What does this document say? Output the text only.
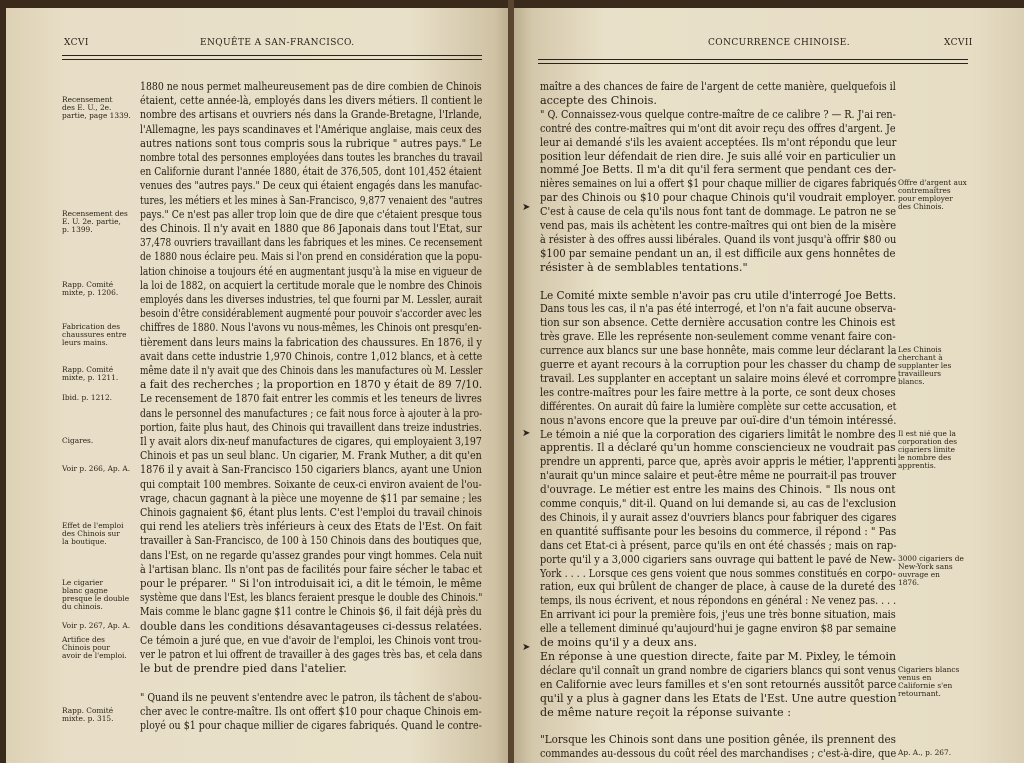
XCVI	ENQUÊTE A SAN-FRANCISCO.	CONCURRENCE CHINOISE.	XCVII
➤
➤
➤
1880 ne nous permet malheureusement pas de dire combien de Chinois
étaient, cette année-là, employés dans les divers métiers. Il contient le
nombre des artisans et ouvriers nés dans la Grande-Bretagne, l'Irlande,
l'Allemagne, les pays scandinaves et l'Amérique anglaise, mais ceux des
autres nations sont tous compris sous la rubrique " autres pays." Le
nombre total des personnes employées dans toutes les branches du travail
en Californie durant l'année 1880, était de 376,505, dont 101,452 étaient
venues des "autres pays." De ceux qui étaient engagés dans les manufac-
tures, les métiers et les mines à San-Francisco, 9,877 venaient des "autres
pays." Ce n'est pas aller trop loin que de dire que c'étaient presque tous
des Chinois. Il n'y avait en 1880 que 86 Japonais dans tout l'Etat, sur
37,478 ouvriers travaillant dans les fabriques et les mines. Ce recensement
de 1880 nous éclaire peu. Mais si l'on prend en considération que la popu-
lation chinoise a toujours été en augmentant jusqu'à la mise en vigueur de
la loi de 1882, on acquiert la certitude morale que le nombre des Chinois
employés dans les diverses industries, tel que fourni par M. Lessler, aurait
besoin d'être considérablement augmenté pour pouvoir s'accorder avec les
chiffres de 1880. Nous l'avons vu nous-mêmes, les Chinois ont presqu'en-
tièrement dans leurs mains la fabrication des chaussures. En 1876, il y
avait dans cette industrie 1,970 Chinois, contre 1,012 blancs, et à cette
même date il n'y avait que des Chinois dans les manufactures où M. Lessler
a fait des recherches ; la proportion en 1870 y était de 89 7/10.
Le recensement de 1870 fait entrer les commis et les teneurs de livres
dans le personnel des manufactures ; ce fait nous force à ajouter à la pro-
portion, faite plus haut, des Chinois qui travaillent dans treize industries.
Il y avait alors dix-neuf manufactures de cigares, qui employaient 3,197
Chinois et pas un seul blanc. Un cigarier, M. Frank Muther, a dit qu'en
1876 il y avait à San-Francisco 150 cigariers blancs, ayant une Union
qui comptait 100 membres. Soixante de ceux-ci environ avaient de l'ou-
vrage, chacun gagnant à la pièce une moyenne de $11 par semaine ; les
Chinois gagnaient $6, étant plus lents. C'est l'emploi du travail chinois
qui rend les ateliers très inférieurs à ceux des Etats de l'Est. On fait
travailler à San-Francisco, de 100 à 150 Chinois dans des boutiques que,
dans l'Est, on ne regarde qu'assez grandes pour vingt hommes. Cela nuit
à l'artisan blanc. Ils n'ont pas de facilités pour faire sécher le tabac et
pour le préparer. " Si l'on introduisait ici, a dit le témoin, le même
système que dans l'Est, les blancs feraient presque le double des Chinois."
Mais comme le blanc gagne $11 contre le Chinois $6, il fait déjà près du
double dans les conditions désavantageuses ci-dessus relatées.
Ce témoin a juré que, en vue d'avoir de l'emploi, les Chinois vont trou-
ver le patron et lui offrent de travailler à des gages très bas, et cela dans
le but de prendre pied dans l'atelier.
" Quand ils ne peuvent s'entendre avec le patron, ils tâchent de s'abou-
cher avec le contre-maître. Ils ont offert $10 pour chaque Chinois em-
ployé ou $1 pour chaque millier de cigares fabriqués. Quand le contre-
Recensement
des E. U., 2e.
partie, page 1339.
Recensement des
E. U. 2e. partie,
p. 1399.
Rapp. Comité
mixte, p. 1206.
Fabrication des
chaussures entre
leurs mains.
Rapp. Comité
mixte, p. 1211.
Ibid. p. 1212.
Cigares.
Voir p. 266, Ap. A.
Effet de l'emploi
des Chinois sur
la boutique.
Le cigarier
blanc gagne
presque le double
du chinois.
Voir p. 267, Ap. A.
Artifice des
Chinois pour
avoir de l'emploi.
Rapp. Comité
mixte. p. 315.
maître a des chances de faire de l'argent de cette manière, quelquefois il
accepte des Chinois.
" Q. Connaissez-vous quelque contre-maître de ce calibre ? — R. J'ai ren-
contré des contre-maîtres qui m'ont dit avoir reçu des offres d'argent. Je
leur ai demandé s'ils les avaient acceptées. Ils m'ont répondu que leur
position leur défendait de rien dire. Je suis allé voir en particulier un
nommé Joe Betts. Il m'a dit qu'il fera serment que pendant ces der-
nières semaines on lui a offert $1 pour chaque millier de cigares fabriqués
par des Chinois ou $10 pour chaque Chinois qu'il voudrait employer.
C'est à cause de cela qu'ils nous font tant de dommage. Le patron ne se
vend pas, mais ils achètent les contre-maîtres qui ont bien de la misère
à résister à des offres aussi libérales. Quand ils vont jusqu'à offrir $80 ou
$100 par semaine pendant un an, il est difficile aux gens honnêtes de
résister à de semblables tentations."
Le Comité mixte semble n'avoir pas cru utile d'interrogé Joe Betts.
Dans tous les cas, il n'a pas été interrogé, et l'on n'a fait aucune observa-
tion sur son absence. Cette dernière accusation contre les Chinois est
très grave. Elle les représente non-seulement comme venant faire con-
currence aux blancs sur une base honnête, mais comme leur déclarant la
guerre et ayant recours à la corruption pour les chasser du champ de
travail. Les supplanter en acceptant un salaire moins élevé et corrompre
les contre-maîtres pour les faire mettre à la porte, ce sont deux choses
différentes. On aurait dû faire la lumière complète sur cette accusation, et
nous n'avons encore que la preuve par ouï-dire d'un témoin intéressé.
Le témoin a nié que la corporation des cigariers limitât le nombre des
apprentis. Il a déclaré qu'un homme consciencieux ne voudrait pas
prendre un apprenti, parce que, après avoir appris le métier, l'apprenti
n'aurait qu'un mince salaire et peut-être même ne pourrait-il pas trouver
d'ouvrage. Le métier est entre les mains des Chinois. " Ils nous ont
comme conquis," dit-il. Quand on lui demande si, au cas de l'exclusion
des Chinois, il y aurait assez d'ouvriers blancs pour fabriquer des cigares
en quantité suffisante pour les besoins du commerce, il répond : " Pas
dans cet Etat-ci à présent, parce qu'ils en ont été chassés ; mais on rap-
porte qu'il y a 3,000 cigariers sans ouvrage qui battent le pavé de New-
York . . . . Lorsque ces gens voient que nous sommes constitués en corpo-
ration, eux qui brûlent de changer de place, à cause de la dureté des
temps, ils nous écrivent, et nous répondons en général : Ne venez pas. . . .
En arrivant ici pour la première fois, j'eus une très bonne situation, mais
elle a tellement diminué qu'aujourd'hui je gagne environ $8 par semaine
de moins qu'il y a deux ans.
En réponse à une question directe, faite par M. Pixley, le témoin
déclare qu'il connaît un grand nombre de cigariers blancs qui sont venus
en Californie avec leurs familles et s'en sont retournés aussitôt parce
qu'il y a plus à gagner dans les Etats de l'Est. Une autre question
de même nature reçoit la réponse suivante :
"Lorsque les Chinois sont dans une position gênée, ils prennent des
commandes au-dessous du coût réel des marchandises ; c'est-à-dire, que
Offre d'argent aux
contremaîtres
pour employer
des Chinois.
Les Chinois
cherchant à
supplanter les
travailleurs
blancs.
Il est nié que la
corporation des
cigariers limite
le nombre des
apprentis.
3000 cigariers de
New-York sans
ouvrage en
1876.
Cigariers blancs
venus en
Californie s'en
retournant.
Ap. A., p. 267.
